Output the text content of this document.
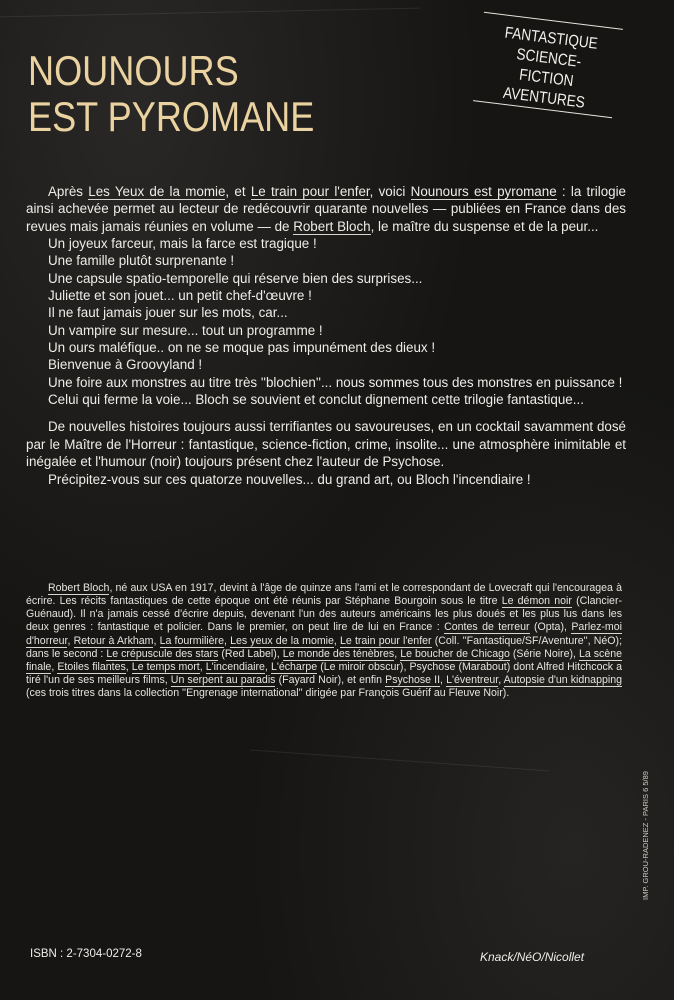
NOUNOURS
EST PYROMANE
FANTASTIQUE
SCIENCE-FICTION
AVENTURES

Après Les Yeux de la momie, et Le train pour l'enfer, voici Nounours est pyromane : la trilogie ainsi achevée permet au lecteur de redécouvrir quarante nouvelles — publiées en France dans des revues mais jamais réunies en volume — de Robert Bloch, le maître du suspense et de la peur...

Un joyeux farceur, mais la farce est tragique !

Une famille plutôt surprenante !

Une capsule spatio-temporelle qui réserve bien des surprises...

Juliette et son jouet... un petit chef-d'œuvre !

Il ne faut jamais jouer sur les mots, car...

Un vampire sur mesure... tout un programme !

Un ours maléfique.. on ne se moque pas impunément des dieux !

Bienvenue à Groovyland !

Une foire aux monstres au titre très ''blochien''... nous sommes tous des monstres en puissance !

Celui qui ferme la voie... Bloch se souvient et conclut dignement cette trilogie fantastique...

De nouvelles histoires toujours aussi terrifiantes ou savoureuses, en un cocktail savamment dosé par le Maître de l'Horreur : fantastique, science-fiction, crime, insolite... une atmosphère inimitable et inégalée et l'humour (noir) toujours présent chez l'auteur de Psychose.

Précipitez-vous sur ces quatorze nouvelles... du grand art, ou Bloch l'incendiaire !

Robert Bloch, né aux USA en 1917, devint à l'âge de quinze ans l'ami et le correspondant de Lovecraft qui l'encouragea à écrire. Les récits fantastiques de cette époque ont été réunis par Stéphane Bourgoin sous le titre Le démon noir (Clancier-Guénaud). Il n'a jamais cessé d'écrire depuis, devenant l'un des auteurs américains les plus doués et les plus lus dans les deux genres : fantastique et policier. Dans le premier, on peut lire de lui en France : Contes de terreur (Opta), Parlez-moi d'horreur, Retour à Arkham, La fourmilière, Les yeux de la momie, Le train pour l'enfer (Coll. ''Fantastique/SF/Aventure'', NéO); dans le second : Le crépuscule des stars (Red Label), Le monde des ténèbres, Le boucher de Chicago (Série Noire), La scène finale, Etoiles filantes, Le temps mort, L'incendiaire, L'écharpe (Le miroir obscur), Psychose (Marabout) dont Alfred Hitchcock a tiré l'un de ses meilleurs films, Un serpent au paradis (Fayard Noir), et enfin Psychose II, L'éventreur, Autopsie d'un kidnapping (ces trois titres dans la collection ''Engrenage international'' dirigée par François Guérif au Fleuve Noir).

IMP. GROU-RADENEZ - PARIS 6 5/89
ISBN : 2-7304-0272-8	Knack/NéO/Nicollet
